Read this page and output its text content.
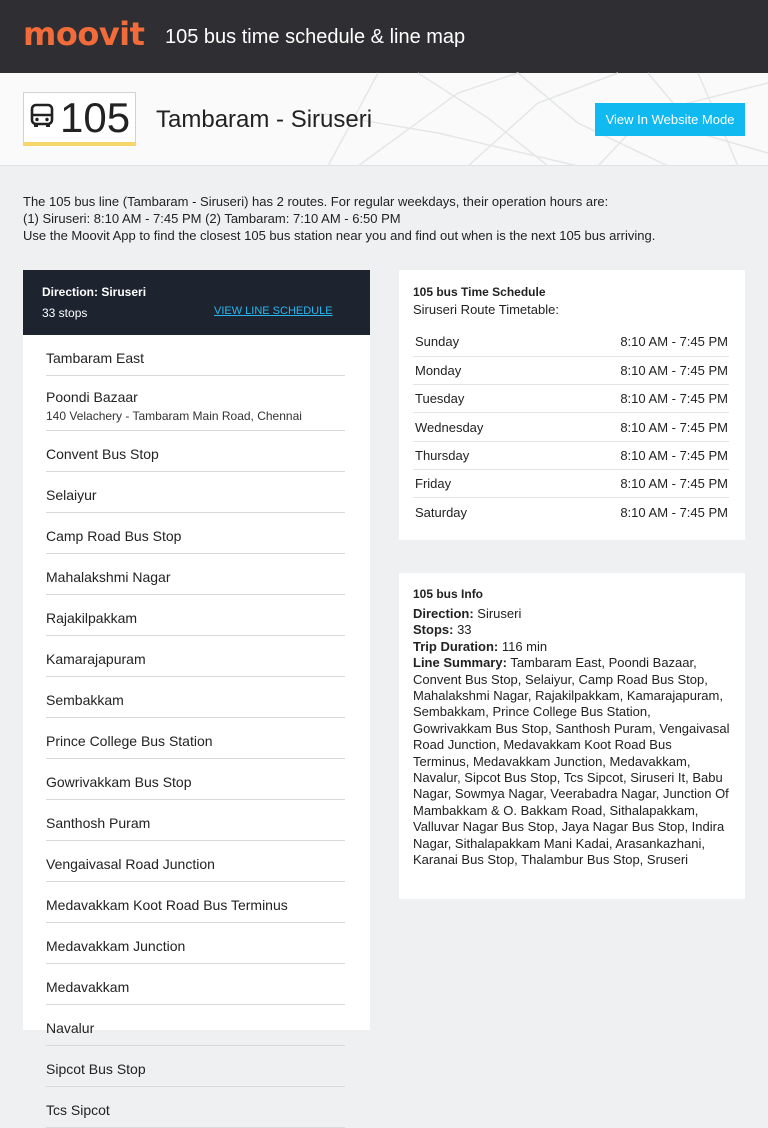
moovit 105 bus time schedule & line map
105 Tambaram - Siruseri	View In Website Mode
The 105 bus line (Tambaram - Siruseri) has 2 routes. For regular weekdays, their operation hours are:
(1) Siruseri: 8:10 AM - 7:45 PM (2) Tambaram: 7:10 AM - 6:50 PM
Use the Moovit App to find the closest 105 bus station near you and find out when is the next 105 bus arriving.
Direction: Siruseri
33 stops	VIEW LINE SCHEDULE
Tambaram East
Poondi Bazaar
140 Velachery - Tambaram Main Road, Chennai
Convent Bus Stop
Selaiyur
Camp Road Bus Stop
Mahalakshmi Nagar
Rajakilpakkam
Kamarajapuram
Sembakkam
Prince College Bus Station
Gowrivakkam Bus Stop
Santhosh Puram
Vengaivasal Road Junction
Medavakkam Koot Road Bus Terminus
Medavakkam Junction
Medavakkam
Navalur
Sipcot Bus Stop
Tcs Sipcot
105 bus Time Schedule
Siruseri Route Timetable:
Sunday	8:10 AM - 7:45 PM
Monday	8:10 AM - 7:45 PM
Tuesday	8:10 AM - 7:45 PM
Wednesday	8:10 AM - 7:45 PM
Thursday	8:10 AM - 7:45 PM
Friday	8:10 AM - 7:45 PM
Saturday	8:10 AM - 7:45 PM
105 bus Info
Direction: Siruseri
Stops: 33
Trip Duration: 116 min
Line Summary: Tambaram East, Poondi Bazaar, Convent Bus Stop, Selaiyur, Camp Road Bus Stop, Mahalakshmi Nagar, Rajakilpakkam, Kamarajapuram, Sembakkam, Prince College Bus Station, Gowrivakkam Bus Stop, Santhosh Puram, Vengaivasal Road Junction, Medavakkam Koot Road Bus Terminus, Medavakkam Junction, Medavakkam, Navalur, Sipcot Bus Stop, Tcs Sipcot, Siruseri It, Babu Nagar, Sowmya Nagar, Veerabadra Nagar, Junction Of Mambakkam & O. Bakkam Road, Sithalapakkam, Valluvar Nagar Bus Stop, Jaya Nagar Bus Stop, Indira Nagar, Sithalapakkam Mani Kadai, Arasankazhani, Karanai Bus Stop, Thalambur Bus Stop, Sruseri
